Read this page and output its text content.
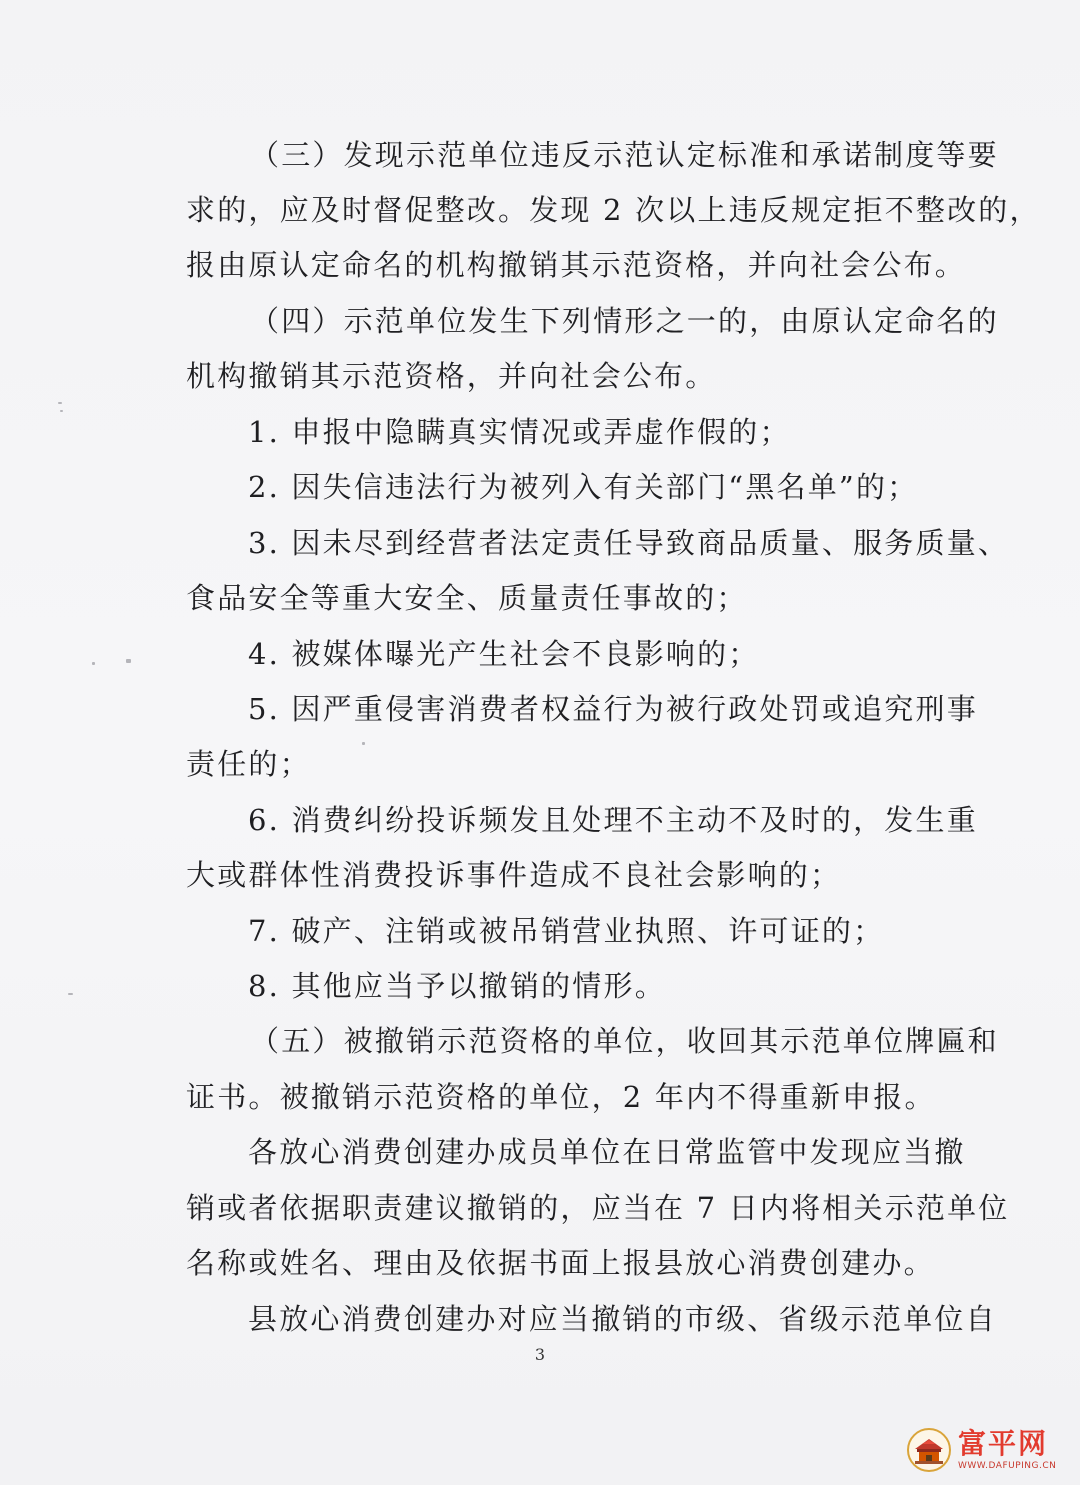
（三）发现示范单位违反示范认定标准和承诺制度等要
求的，应及时督促整改。发现 2 次以上违反规定拒不整改的，
报由原认定命名的机构撤销其示范资格，并向社会公布。
（四）示范单位发生下列情形之一的，由原认定命名的
机构撤销其示范资格，并向社会公布。
1. 申报中隐瞒真实情况或弄虚作假的；
2. 因失信违法行为被列入有关部门“黑名单”的；
3. 因未尽到经营者法定责任导致商品质量、服务质量、
食品安全等重大安全、质量责任事故的；
4. 被媒体曝光产生社会不良影响的；
5. 因严重侵害消费者权益行为被行政处罚或追究刑事
责任的；
6. 消费纠纷投诉频发且处理不主动不及时的，发生重
大或群体性消费投诉事件造成不良社会影响的；
7. 破产、注销或被吊销营业执照、许可证的；
8. 其他应当予以撤销的情形。
（五）被撤销示范资格的单位，收回其示范单位牌匾和
证书。被撤销示范资格的单位，2 年内不得重新申报。
各放心消费创建办成员单位在日常监管中发现应当撤
销或者依据职责建议撤销的，应当在 7 日内将相关示范单位
名称或姓名、理由及依据书面上报县放心消费创建办。
县放心消费创建办对应当撤销的市级、省级示范单位自
3
富平网
WWW.DAFUPING.CN
